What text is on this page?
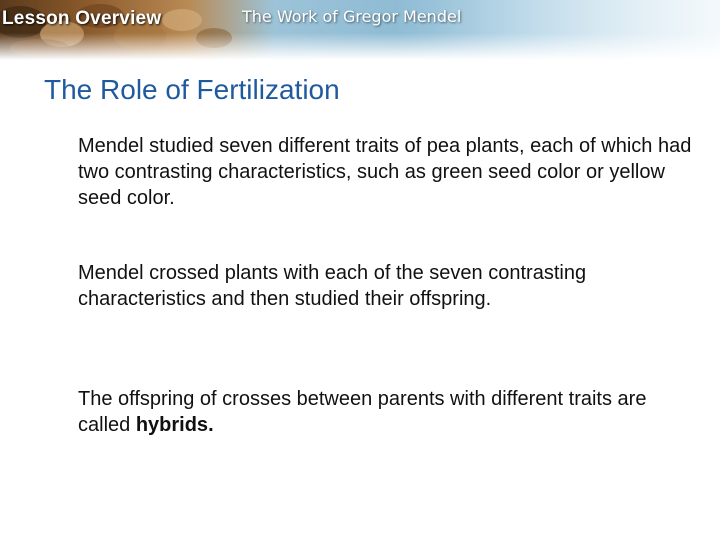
Lesson Overview	The Work of Gregor Mendel
The Role of Fertilization

Mendel studied seven different traits of pea plants, each of which had two contrasting characteristics, such as green seed color or yellow seed color.

Mendel crossed plants with each of the seven contrasting characteristics and then studied their offspring.

The offspring of crosses between parents with different traits are called hybrids.
